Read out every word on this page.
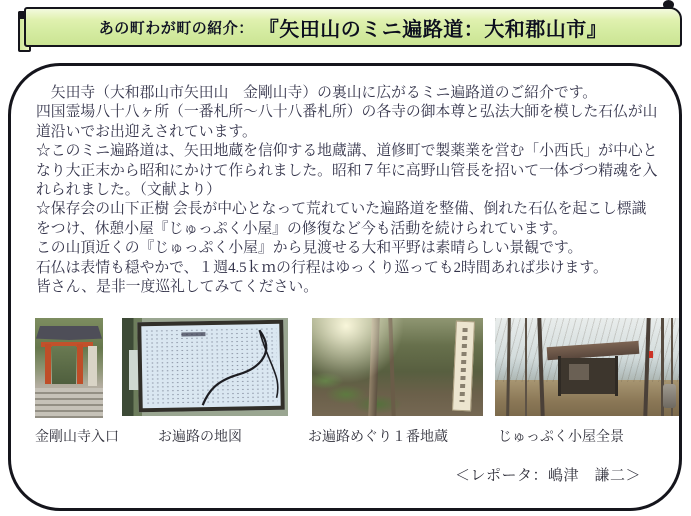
あの町わが町の紹介： 『矢田山のミニ遍路道：大和郡山市』
　矢田寺（大和郡山市矢田山　金剛山寺）の裏山に広がるミニ遍路道のご紹介です。
四国霊場八十八ヶ所（一番札所～八十八番札所）の各寺の御本尊と弘法大師を模した石仏が山
道沿いでお出迎えされています。
☆このミニ遍路道は、矢田地蔵を信仰する地蔵講、道修町で製薬業を営む「小西氏」が中心と
なり大正末から昭和にかけて作られました。昭和７年に高野山管長を招いて一体づつ精魂を入
れられました。（文献より）
☆保存会の山下正樹 会長が中心となって荒れていた遍路道を整備、倒れた石仏を起こし標識
をつけ、休憩小屋『じゅっぷく小屋』の修復など今も活動を続けられています。
この山頂近くの『じゅっぷく小屋』から見渡せる大和平野は素晴らしい景観です。
石仏は表情も穏やかで、１週4.5ｋｍの行程はゆっくり巡っても2時間あれば歩けます。
皆さん、是非一度巡礼してみてください。
金剛山寺入口	お遍路の地図	お遍路めぐり１番地蔵	じゅっぷく小屋全景
＜レポータ：嶋津　謙二＞
